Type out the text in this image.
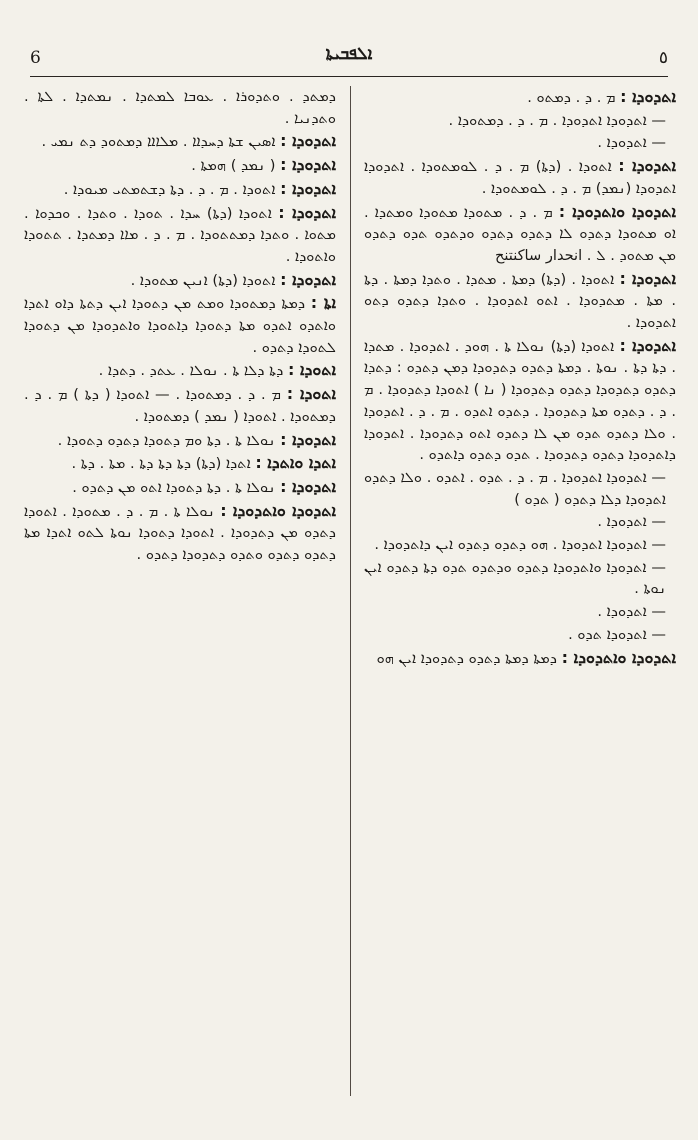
6	ܐܠܦܒܝܬܐ	٥
ܕܡܬܕ . ܘܬܕܘܪܐ . ܥܘܒܐ ܠܡܬܕܐ . ܢܡܬܕܐ . ܠܬܐ . ܘܬܕܢܝܐ .
ܐܬܕܘܕܐ : ܐܣܝܢ ܫܬܐ ܕܚܕܐܐ . ܡܠܐܐܐ ܕܡܬܘܕ ܕܬ ܢܡܝ .
ܐܬܕܘܕܐ : ( ܢܡܕ ) ܗܡܬܐ .
ܐܬܕܘܕܐ : ܐܬܘܕܐ . ܡ . ܕ . ܕܬܐ ܕܫܬܡܬܝ ܡܝܘܕܐ .
ܐܬܕܘܕܐ : ܐܬܘܕܐ (ܕܬܐ) ܚܕܐ . ܬܘܕܐ . ܘܬܕܐ . ܘܟܕܘܐ . ܡܬܘܐ . ܘܬܕܐ ܕܡܬܬܘܕܐ . ܡ . ܕ . ܡܐܐ ܕܡܬܕܐ . ܬܬܘܕܐ ܘܐܬܘܕܐ .
ܐܬܕܘܕܐ : ܐܬܘܕܐ (ܕܬܐ) ܐܢܝܢ ܡܬܘܕܐ .
ܐܬܐ : ܕܡܬܐ ܕܡܬܘܕܐ ܘܡܬ ܡܢ ܕܬܘܕܐ ܐܝܢ ܕܬܬܐ ܕܐܘ ܐܬܕܐ ܘܐܬܕܘ ܐܬܕܘ ܡܬܐ ܕܬܘܕܐ ܕܐܬܘܕܐ ܘܐܬܕܘܕܐ ܡܢ ܕܬܘܕܐ ܠܬܘܕܐ ܕܬܕܘ .
ܐܬܘܕܐ : ܕܬܐ ܕܠܐ ܬܐ . ܢܘܠܐ . ܥܬܕ . ܕܬܕܐ .
ܐܬܘܕܐ : ܡ . ܕ . ܕܡܬܘܕܐ . — ܐܬܘܕܐ ( ܕܬܐ ) ܡ . ܕ . ܕܡܬܘܕܐ . ܐܬܘܕܐ ( ܢܡܕ ) ܕܡܬܘܕܐ .
ܐܬܕܘܕܐ : ܢܘܠܐ ܬܐ . ܕܬܐ ܘܡ ܕܬܘܕܐ ܕܬܕܘ ܕܬܘܕܐ .
ܐܬܕܐ ܘܐܬܕܐ : ܐܬܕܐ (ܕܬܐ) ܕܬܐ ܕܬܐ ܕܬܐ . ܡܬܐ . ܕܬܐ .
ܐܬܕܘܕܐ : ܢܘܠܐ ܬܐ . ܕܬܐ ܕܬܘܕܐ ܐܬܘ ܡܢ ܕܬܕܘ .
ܐܬܕܘܕܐ ܘܐܬܕܘܕܐ : ܢܘܠܐ ܬܐ . ܡ . ܕ . ܡܬܘܕܐ . ܐܬܘܕܐ ܕܬܕܘ ܡܢ ܕܬܕܘܕܐ . ܐܬܘܕܐ ܕܬܘܕܐ ܢܘܬܐ ܠܬܘ ܐܬܕܐ ܡܬܐ ܕܬܕܘ ܕܬܕܘ ܘܬܕܘ ܕܬܕܘܕܐ ܕܬܕܘ .
ܐܬܕܘܕܐ : ܡ . ܕ . ܕܡܬܘ .
— ܐܬܕܘܕܐ ܐܬܕܘܕܐ . ܡ . ܕ . ܕܡܬܘܕܐ .
— ܐܬܕܘܕܐ .
ܐܬܕܘܕܐ : ܐܬܘܕܐ . (ܕܬܐ) ܡ . ܕ . ܠܘܡܬܘܕܐ . ܐܬܕܘܕܐ ܐܬܕܘܕܐ (ܢܡܕ) ܡ . ܕ . ܠܘܡܬܘܕܐ .
ܐܬܕܘܕܐ ܘܐܬܕܘܕܐ : ܡ . ܕ . ܡܬܘܕܐ ܡܬܘܕܐ ܘܡܬܕܐ . ܐܘ ܡܬܘܕܐ ܕܬܕܘ ܠܐ ܕܬܕܘ ܕܬܕܘ ܘܕܬܕܘ ܬܕܘ ܕܬܕܘ ܡܢ ܡܬܘܕ . ܠ . انحدار ساكنتنح
ܐܬܕܘܕܐ : ܐܬܘܕܐ . (ܕܬܐ) ܕܡܬܐ . ܡܬܕܐ . ܘܬܕܐ ܕܡܬܐ . ܕܬܐ . ܡܬܐ . ܡܬܕܘܕܐ . ܐܬܘ ܐܬܕܘܕܐ . ܘܬܕܐ ܕܬܕܘ ܕܬܘ ܐܬܕܘܕܐ .
ܐܬܕܘܕܐ : ܐܬܘܕܐ (ܕܬܐ) ܢܘܠܐ ܬܐ . ܗܘܕ . ܐܬܕܘܕܐ . ܡܬܕܐ . ܕܬܐ ܕܬܐ . ܢܘܬܐ . ܕܡܬܐ ܕܬܕܘ ܕܬܕܘܕܐ ܕܡܢ ܕܬܕܘ : ܕܬܕܐ ܕܬܕܘ ܕܬܕܘܕܐ ܕܬܕܘ ܕܬܕܘܕܐ ( ܢܐ ) ܐܬܘܕܐ ܕܬܕܘܕܐ . ܡ . ܕ . ܕܬܕܘ ܡܬܐ ܕܬܕܘܕܐ . ܕܬܕܘ ܐܬܕܘ . ܡ . ܕ . ܐܬܕܘܕܐ . ܘܠܐ ܕܬܕܘ ܬܕܘ ܡܢ ܠܐ ܕܬܕܘ ܐܬܘ ܕܬܕܘܕܐ . ܐܬܕܘܕܐ ܕܐܬܕܘܕܐ ܕܬܕܘ ܕܬܕܘܕܐ . ܬܕܘ ܕܬܕܘ ܕܐܬܕܘ .
— ܐܬܕܘܕܐ ܐܬܕܘܕܐ . ܡ . ܕ . ܬܕܘ . ܐܬܕܘ . ܘܠܐ ܕܬܕܘ ܐܬܕܘܕܐ ܕܠܐ ܕܬܕܘ ( ܬܕܘ )
— ܐܬܕܘܕܐ .
— ܐܬܕܘܕܐ ܐܬܕܘܕܐ . ܗܘ ܕܬܕܘ ܕܬܕܘ ܐܝܢ ܕܐܬܕܘܕܐ .
— ܐܬܕܘܕܐ ܘܐܬܕܘܕܐ ܕܬܕܘ ܘܕܬܕܘ ܬܕܘ ܕܬܐ ܕܬܕܘ ܐܝܢ ܢܘܬܐ .
— ܐܬܕܘܕܐ .
— ܐܬܕܘܕܐ ܬܕܘ .
ܐܬܕܘܕܐ ܘܐܬܕܘܕܐ : ܕܡܬܐ ܕܡܬܐ ܕܬܕܘ ܕܬܕܘܕܐ ܐܝܢ ܗܘ
